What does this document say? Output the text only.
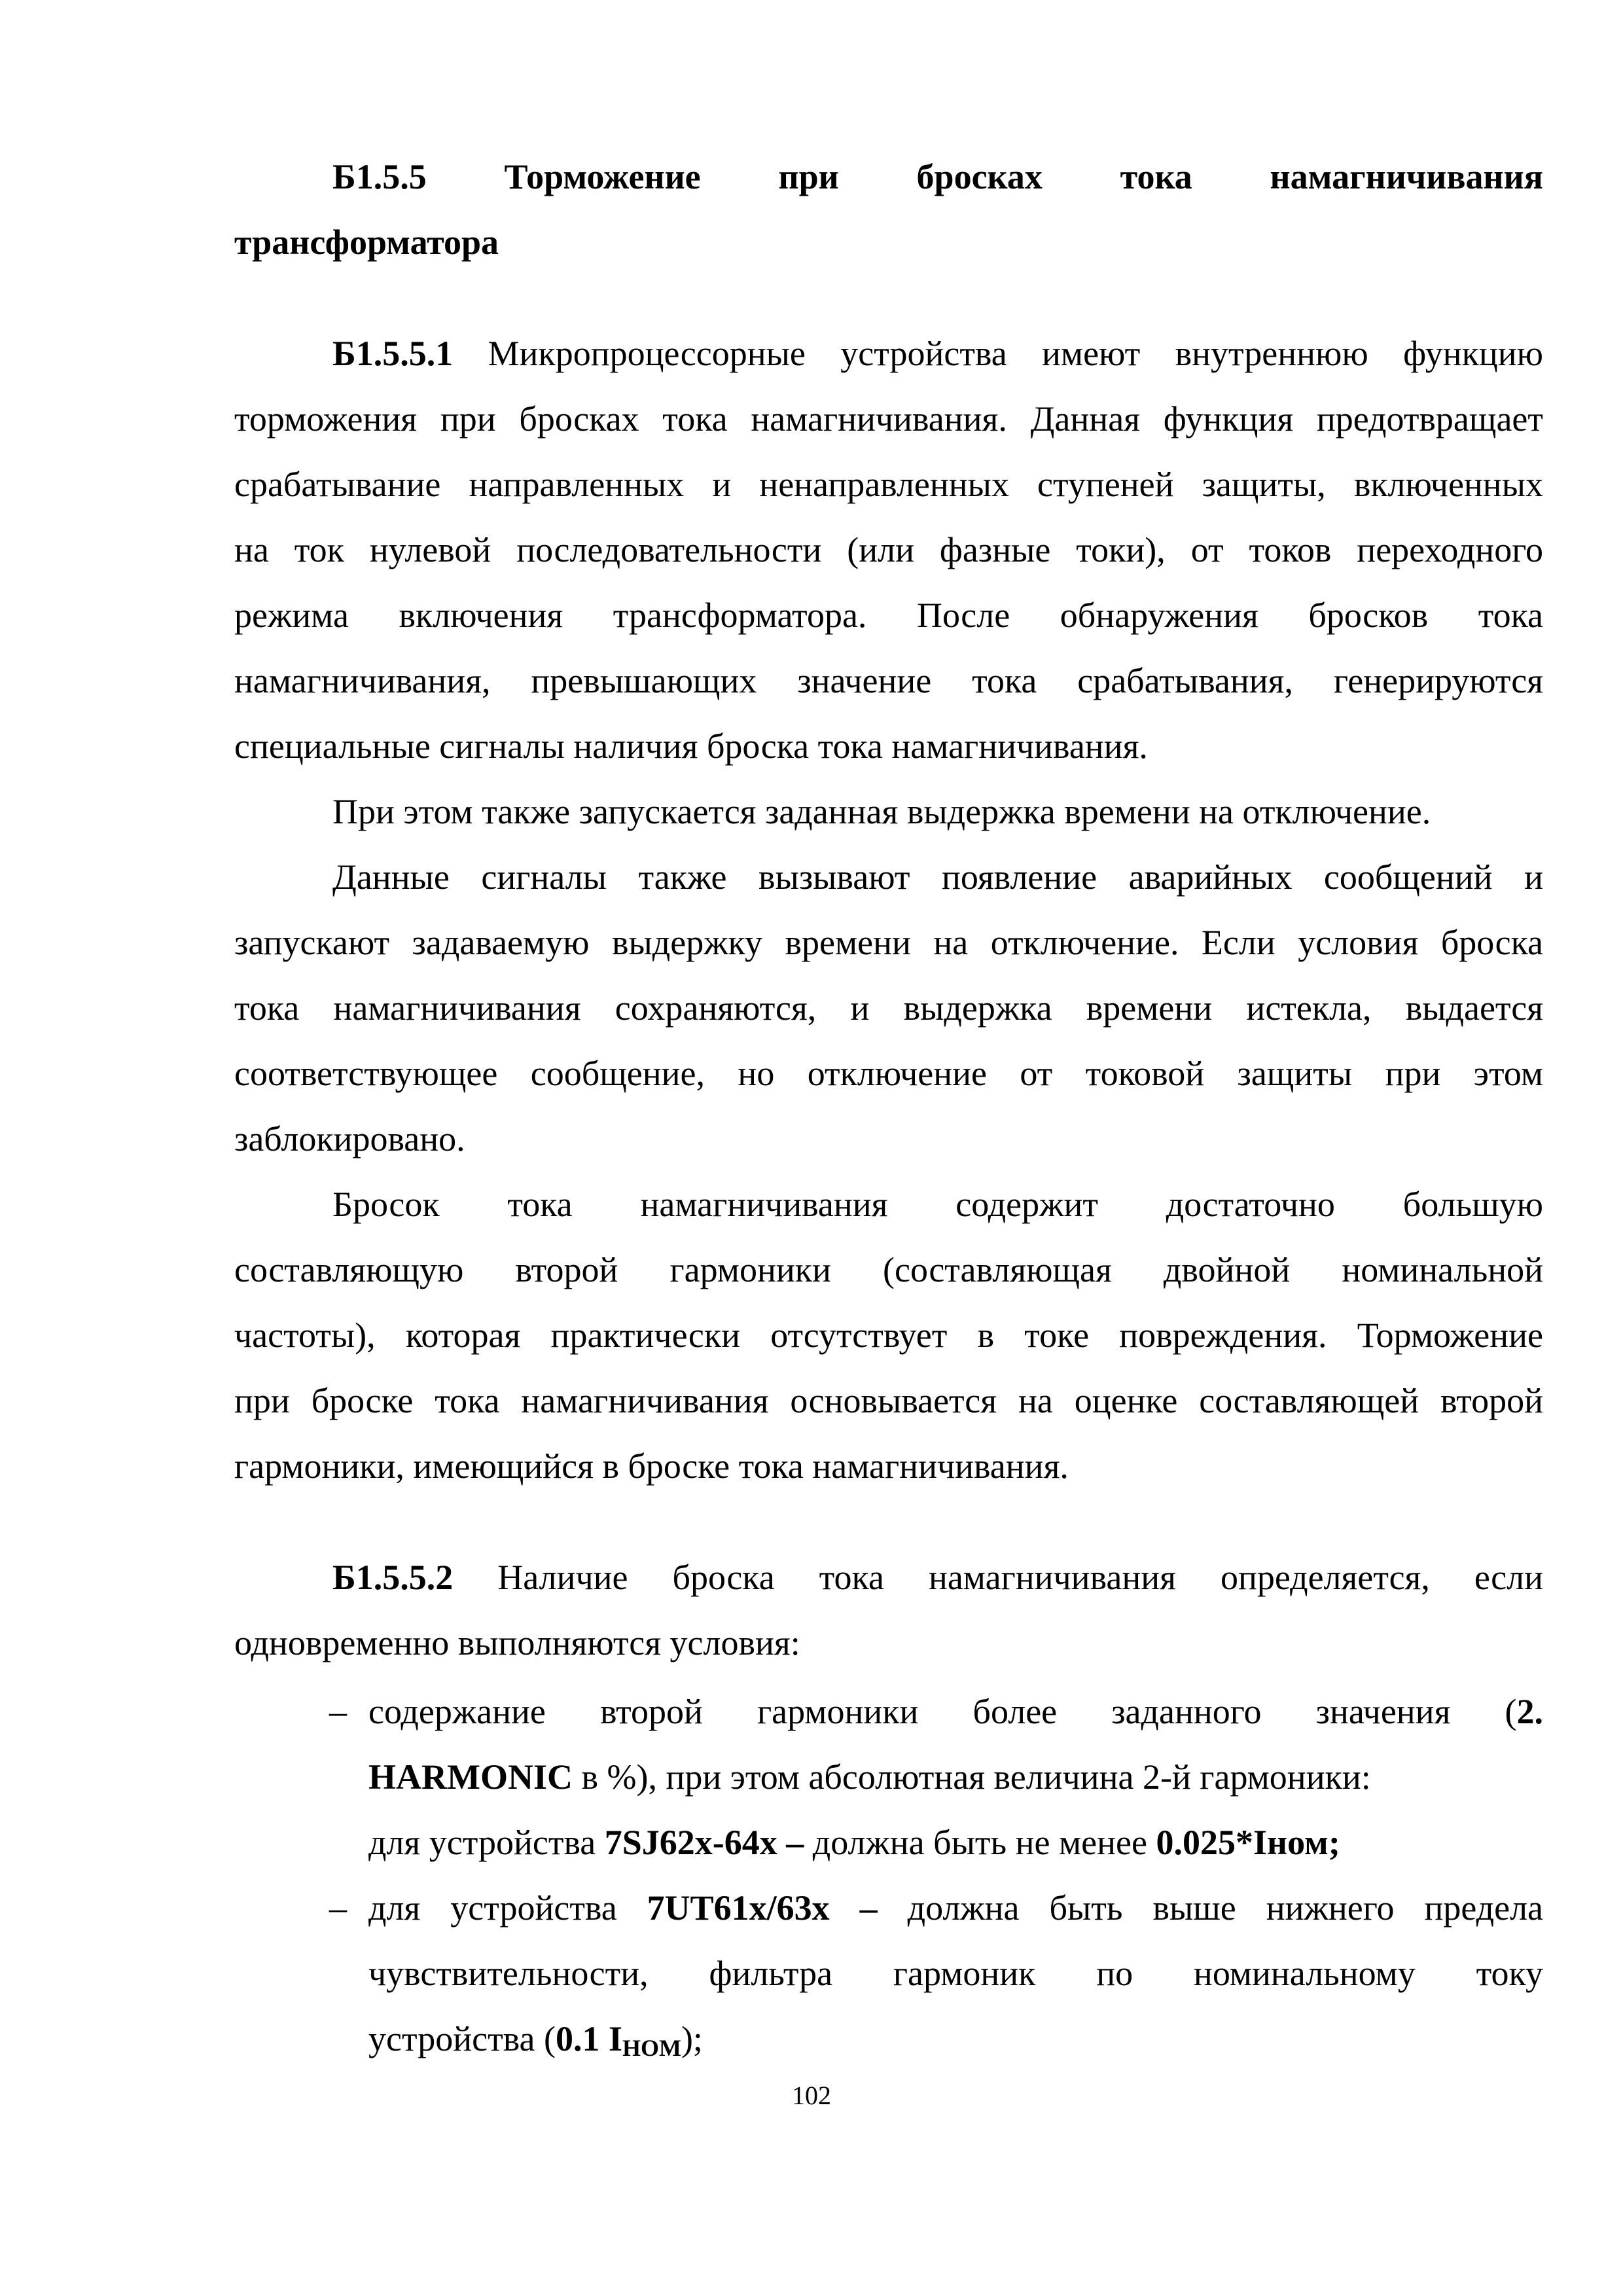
Б1.5.5 Торможение при бросках тока намагничивания
трансформатора
Б1.5.5.1 Микропроцессорные устройства имеют внутреннюю функцию
торможения при бросках тока намагничивания. Данная функция предотвращает
срабатывание направленных и ненаправленных ступеней защиты, включенных
на ток нулевой последовательности (или фазные токи), от токов переходного
режима включения трансформатора. После обнаружения бросков тока
намагничивания, превышающих значение тока срабатывания, генерируются
специальные сигналы наличия броска тока намагничивания.
При этом также запускается заданная выдержка времени на отключение.
Данные сигналы также вызывают появление аварийных сообщений и
запускают задаваемую выдержку времени на отключение. Если условия броска
тока намагничивания сохраняются, и выдержка времени истекла, выдается
соответствующее сообщение, но отключение от токовой защиты при этом
заблокировано.
Бросок тока намагничивания содержит достаточно большую
составляющую второй гармоники (составляющая двойной номинальной
частоты), которая практически отсутствует в токе повреждения. Торможение
при броске тока намагничивания основывается на оценке составляющей второй
гармоники, имеющийся в броске тока намагничивания.
Б1.5.5.2 Наличие броска тока намагничивания определяется, если
одновременно выполняются условия:
– содержание второй гармоники более заданного значения (2.
HARMONIC в %), при этом абсолютная величина 2-й гармоники:
для устройства 7SJ62x-64x – должна быть не менее 0.025*Iном;
– для устройства 7UT61x/63x – должна быть выше нижнего предела
чувствительности, фильтра гармоник по номинальному току
устройства (0.1 $I_{НОМ}$);
102
